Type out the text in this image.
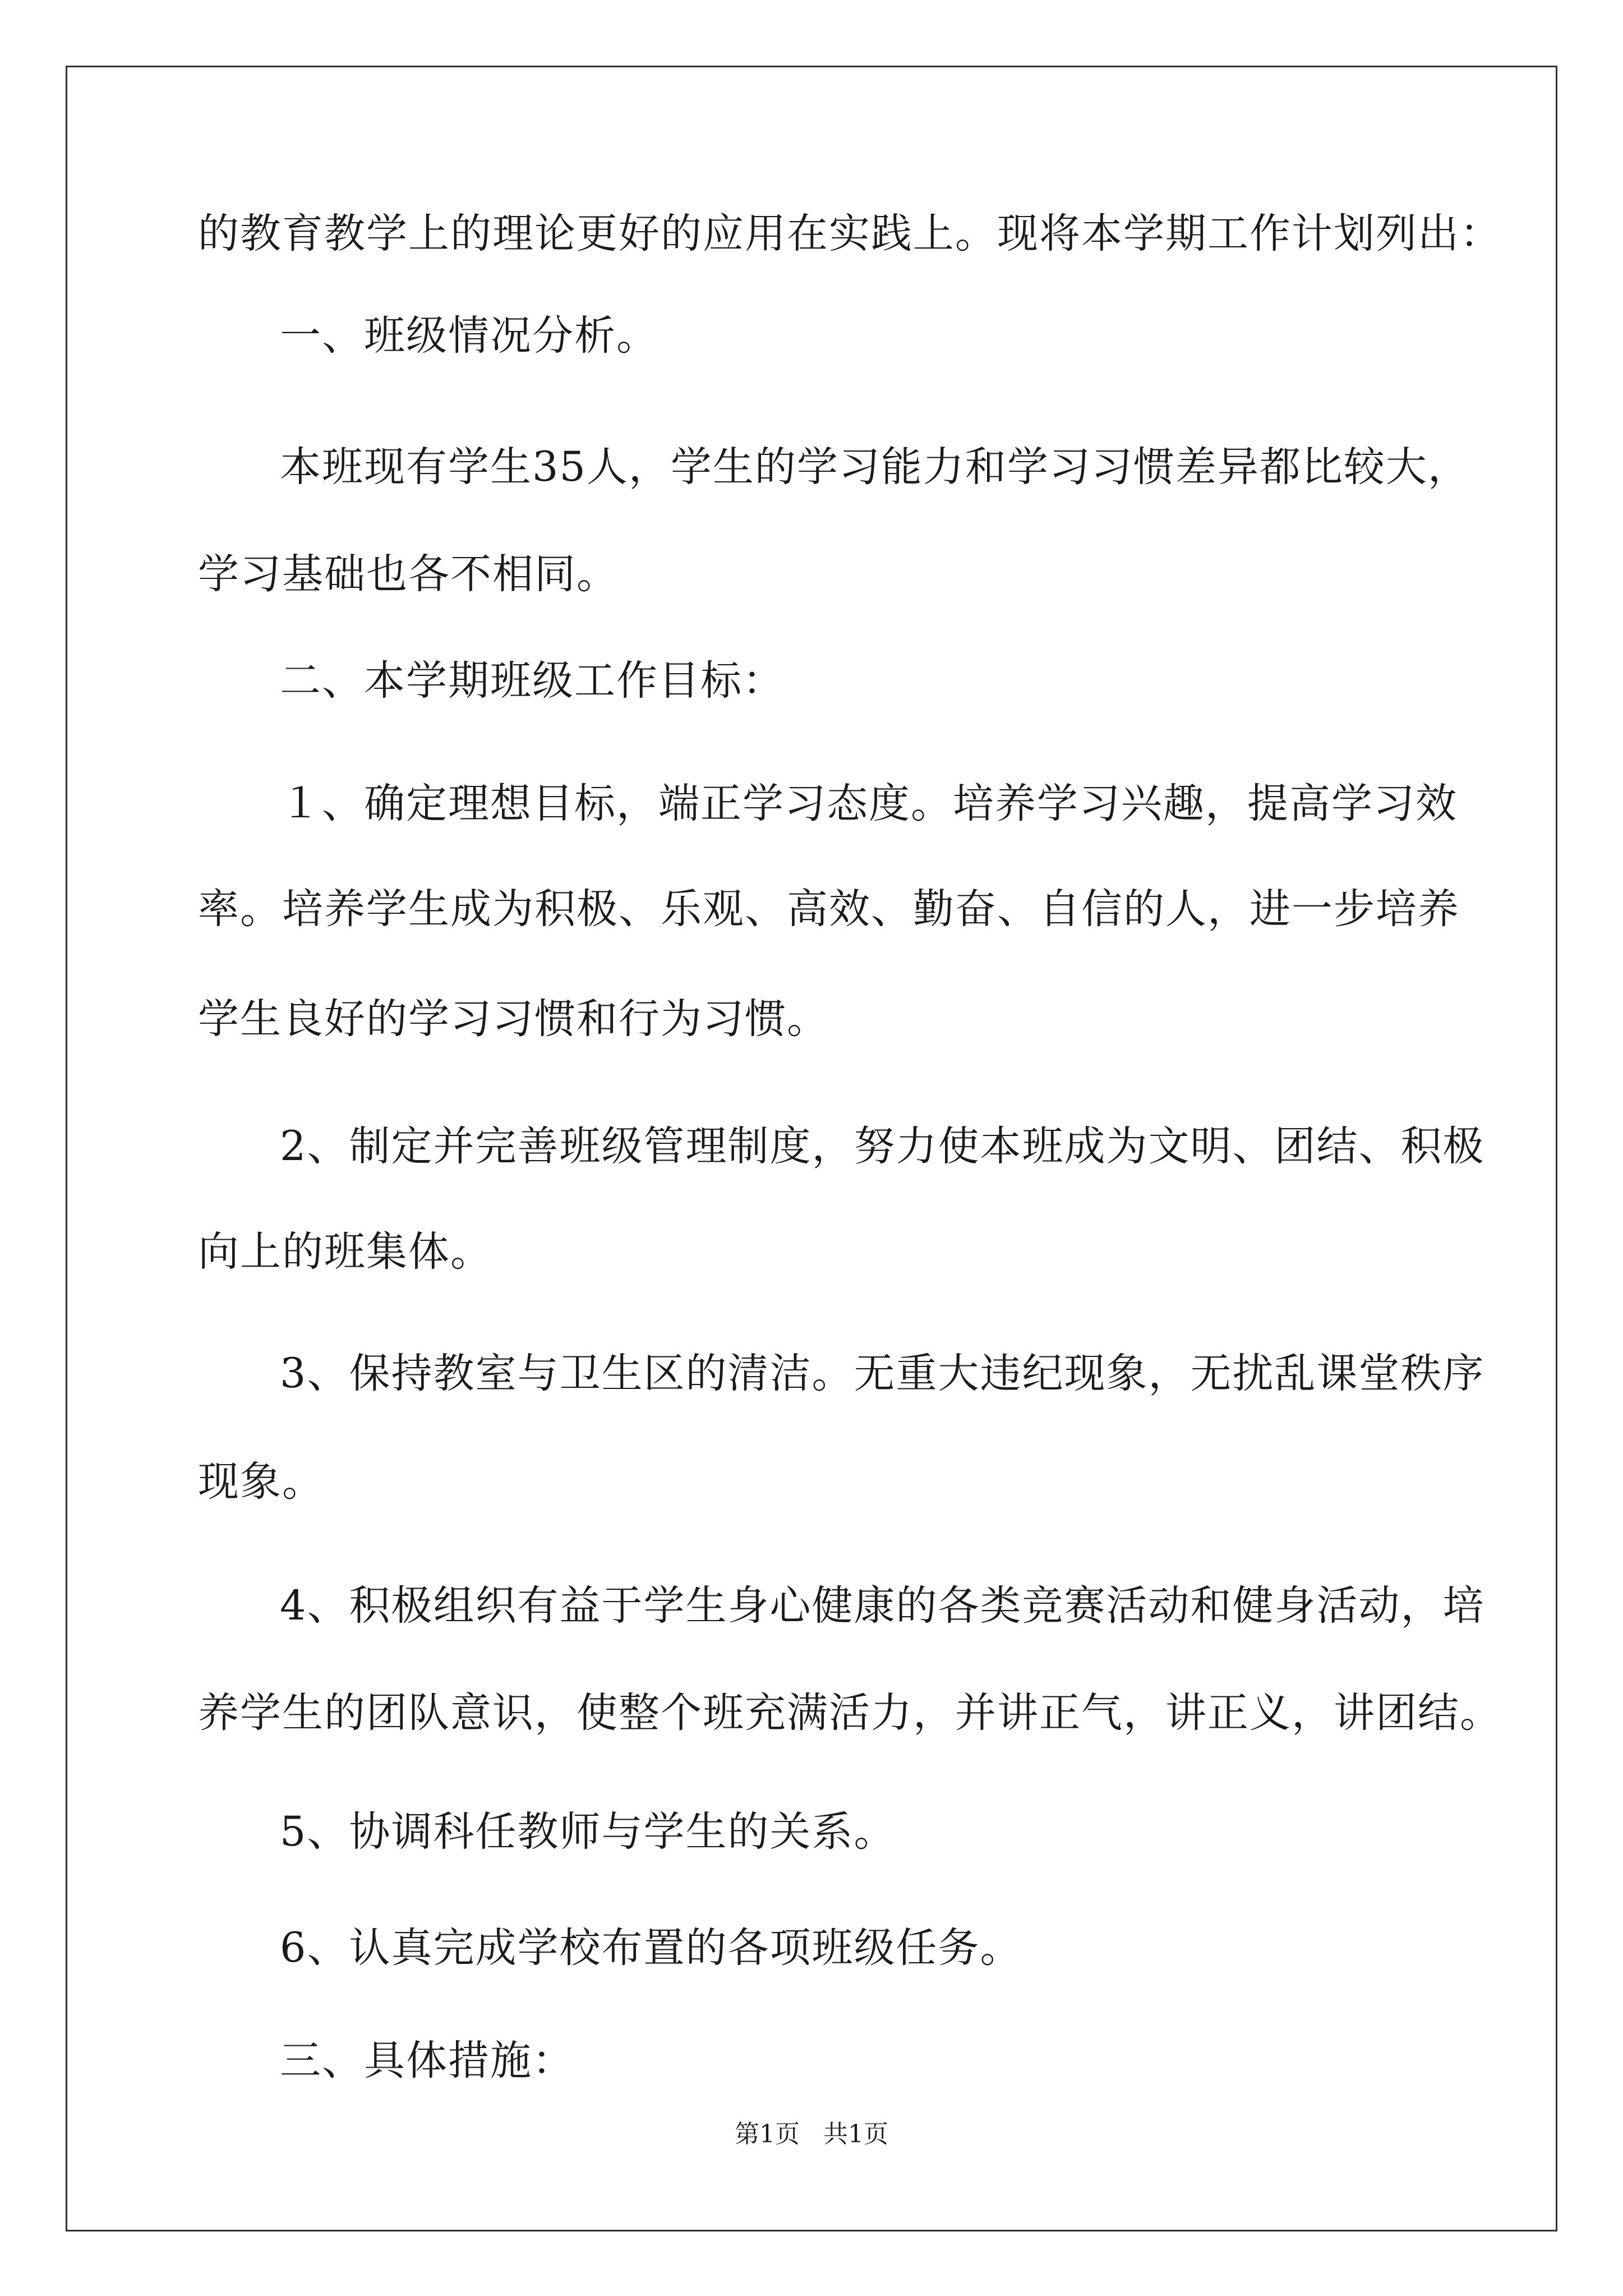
的教育教学上的理论更好的应用在实践上。现将本学期工作计划列出：
一、班级情况分析。
本班现有学生35人，学生的学习能力和学习习惯差异都比较大，
学习基础也各不相同。
二、本学期班级工作目标：
１、确定理想目标，端正学习态度。培养学习兴趣，提高学习效
率。培养学生成为积极、乐观、高效、勤奋、自信的人，进一步培养
学生良好的学习习惯和行为习惯。
2、制定并完善班级管理制度，努力使本班成为文明、团结、积极
向上的班集体。
3、保持教室与卫生区的清洁。无重大违纪现象，无扰乱课堂秩序
现象。
4、积极组织有益于学生身心健康的各类竞赛活动和健身活动，培
养学生的团队意识，使整个班充满活力，并讲正气，讲正义，讲团结。
5、协调科任教师与学生的关系。
6、认真完成学校布置的各项班级任务。
三、具体措施：
第1页   共1页
